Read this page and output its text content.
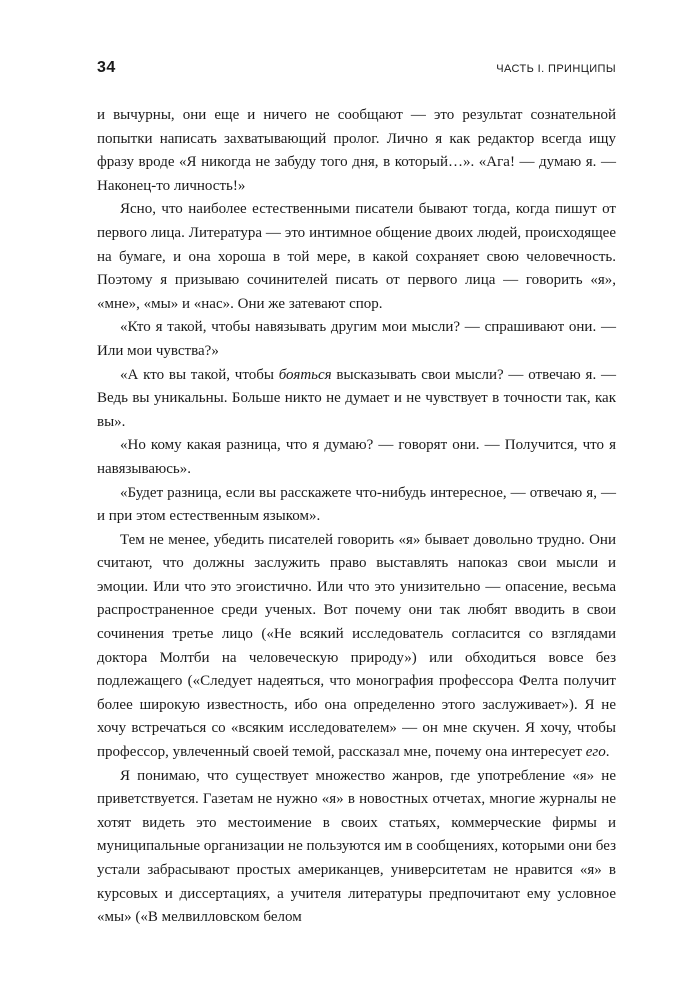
34	ЧАСТЬ I. ПРИНЦИПЫ

и вычурны, они еще и ничего не сообщают — это результат сознательной попытки написать захватывающий пролог. Лично я как редактор всегда ищу фразу вроде «Я никогда не забуду того дня, в который…». «Ага! — думаю я. — Наконец-то личность!»

Ясно, что наиболее естественными писатели бывают тогда, когда пишут от первого лица. Литература — это интимное общение двоих людей, происходящее на бумаге, и она хороша в той мере, в какой сохраняет свою человечность. Поэтому я призываю сочинителей писать от первого лица — говорить «я», «мне», «мы» и «нас». Они же затевают спор.

«Кто я такой, чтобы навязывать другим мои мысли? — спрашивают они. — Или мои чувства?»

«А кто вы такой, чтобы бояться высказывать свои мысли? — отвечаю я. — Ведь вы уникальны. Больше никто не думает и не чувствует в точности так, как вы».

«Но кому какая разница, что я думаю? — говорят они. — Получится, что я навязываюсь».

«Будет разница, если вы расскажете что-нибудь интересное, — отвечаю я, — и при этом естественным языком».

Тем не менее, убедить писателей говорить «я» бывает довольно трудно. Они считают, что должны заслужить право выставлять напоказ свои мысли и эмоции. Или что это эгоистично. Или что это унизительно — опасение, весьма распространенное среди ученых. Вот почему они так любят вводить в свои сочинения третье лицо («Не всякий исследователь согласится со взглядами доктора Молтби на человеческую природу») или обходиться вовсе без подлежащего («Следует надеяться, что монография профессора Фелта получит более широкую известность, ибо она определенно этого заслуживает»). Я не хочу встречаться со «всяким исследователем» — он мне скучен. Я хочу, чтобы профессор, увлеченный своей темой, рассказал мне, почему она интересует его.

Я понимаю, что существует множество жанров, где употребление «я» не приветствуется. Газетам не нужно «я» в новостных отчетах, многие журналы не хотят видеть это местоимение в своих статьях, коммерческие фирмы и муниципальные организации не пользуются им в сообщениях, которыми они без устали забрасывают простых американцев, университетам не нравится «я» в курсовых и диссертациях, а учителя литературы предпочитают ему условное «мы» («В мелвилловском белом
